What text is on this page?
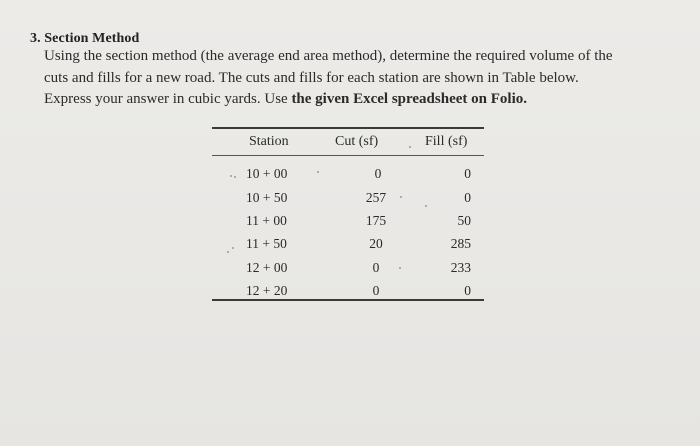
3. Section Method
Using the section method (the average end area method), determine the required volume of the
cuts and fills for a new road. The cuts and fills for each station are shown in Table below.
Express your answer in cubic yards. Use the given Excel spreadsheet on Folio.
Station	Cut (sf)	Fill (sf)
10 + 00	0	0
10 + 50	257	0
11 + 00	175	50
11 + 50	20	285
12 + 00	0	233
12 + 20	0	0
